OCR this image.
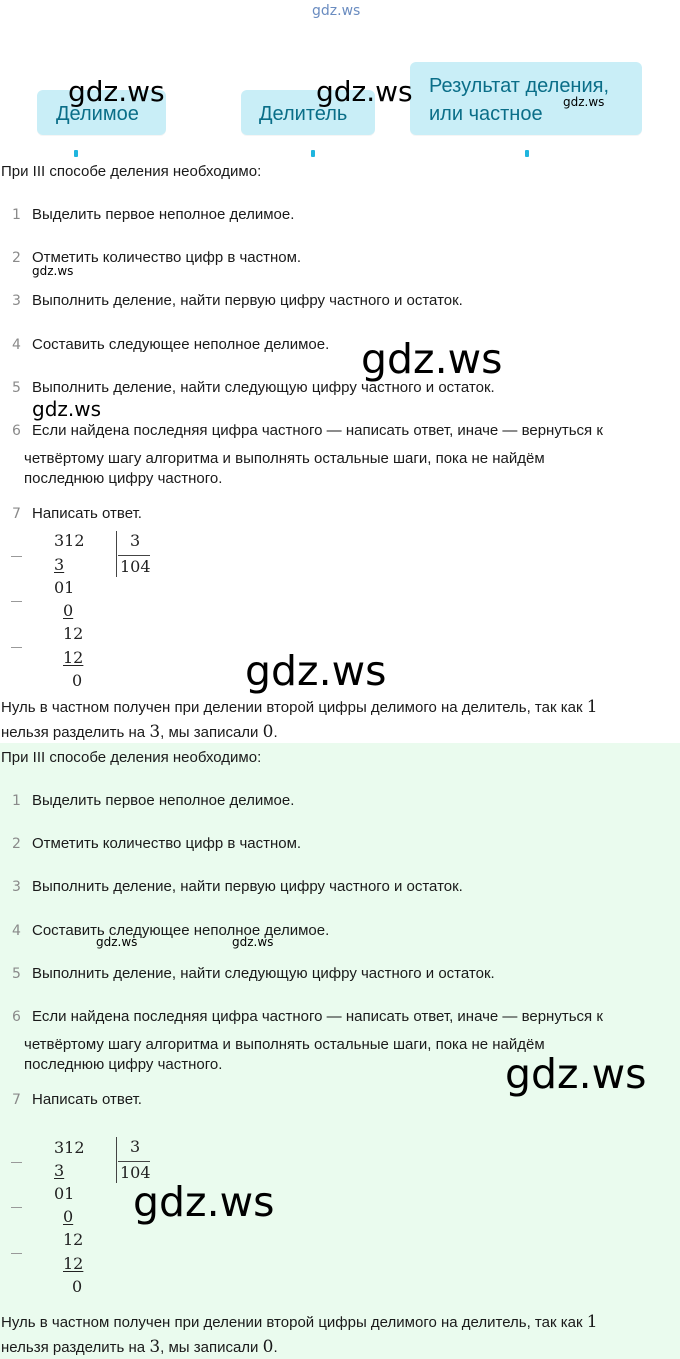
gdz.ws
Делимое	Делитель
Результат деления,
или частное
gdz.ws	gdz.ws	gdz.ws
При III способе деления необходимо:
1 Выделить первое неполное делимое.
2 Отметить количество цифр в частном.
3 Выполнить деление, найти первую цифру частного и остаток.
4 Составить следующее неполное делимое.
5 Выполнить деление, найти следующую цифру частного и остаток.
6 Если найдена последняя цифра частного — написать ответ, иначе — вернуться к
четвёртому шагу алгоритма и выполнять остальные шаги, пока не найдём
последнюю цифру частного.
7 Написать ответ.
312
3
01
0
12
12
0
3
104
Нуль в частном получен при делении второй цифры делимого на делитель, так как 1
нельзя разделить на 3, мы записали 0.
gdz.ws
gdz.ws
gdz.ws
gdz.ws
При III способе деления необходимо:
1 Выделить первое неполное делимое.
2 Отметить количество цифр в частном.
3 Выполнить деление, найти первую цифру частного и остаток.
4 Составить следующее неполное делимое.
5 Выполнить деление, найти следующую цифру частного и остаток.
6 Если найдена последняя цифра частного — написать ответ, иначе — вернуться к
четвёртому шагу алгоритма и выполнять остальные шаги, пока не найдём
последнюю цифру частного.
7 Написать ответ.
312
3
01
0
12
12
0
3
104
Нуль в частном получен при делении второй цифры делимого на делитель, так как 1
нельзя разделить на 3, мы записали 0.
gdz.ws	gdz.ws
gdz.ws
gdz.ws
